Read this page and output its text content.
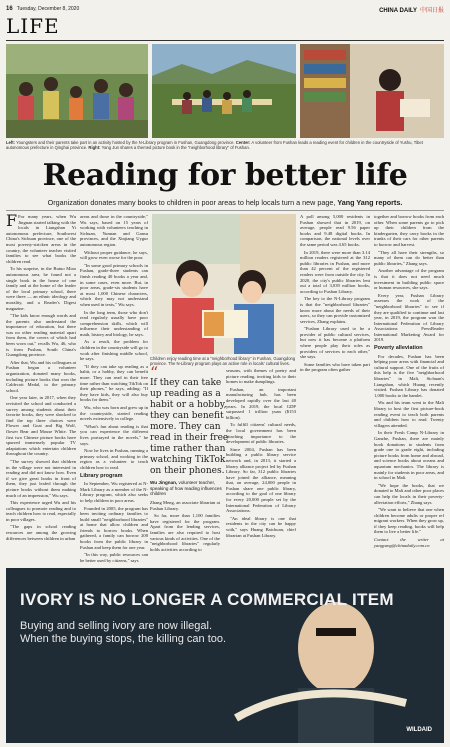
16 Tuesday, December 8, 2020	CHINA DAILY 中国日报
LIFE
Left: Youngsters and their parents take part in an activity hosted by the N-Library program in Fushan, Guangdong province. Center: A volunteer from Fushan leads a reading event for children in the countryside of Yushu, Tibet autonomous prefecture in Qinghai province. Right: Yang Jun shares a themed picture book in the "neighborhood library" of Fushan.
Reading for better life
Organization donates many books to children in poor areas to help locals turn a new page, Yang Yang reports.

F For many years, when Wu Jingnan started talking with the locals in Liangshan Yi autonomous prefecture, Southwest China's Sichuan province, one of the most poverty-stricken areas in the country, the volunteer teacher visited families to see what books the children read.

To his surprise, in the Butuo Miao autonomous area, he found not a single book in the house of one family and at the home of the leader of the local primary school, there were three — an ethnic ideology and morality, and a Reader's Digest magazine.

"The kids know enough words and the parents also understand the importance of education, but there was no other reading material apart from them, the covers of which had been worn out," recalls Wu, 46, who is from Fushan, South China's Guangdong province.

After that, Wu and his colleagues at Fushan began a volunteer organization, donated many books, including picture books that won the Caldecott Medal, to the primary school.

One year later, in 2017, when they revisited the school and conducted a survey among students about their favorite books, they were shocked to find the top three choices were Flower and Goat and Big Wolf, flower Bear and Mouse White. The first two Chinese picture books have spurred immensely popular TV adaptations which entertain children throughout the country.

"The survey showed that children in the village were not interested in reading and did not know how. Even if we give great books in front of them, they just leafed through the picture books without them making much of an impression," Wu says.

This experience urged Wu and his colleagues to promote reading and to teach children how to read, especially in poor villages.

"The gaps in school reading resources are among the growing differences between children in urban

areas and those in the countryside," Wu says, based on 15 years of working with volunteers teaching in Sichuan, Yunnan and Gansu provinces, and the Xinjiang Uygur autonomous region.

Without proper guidance, he says, will grow even worse for the poor.

"In some good primary schools in Fushan, grade-three students can finish reading 40 books a year and, in some cases, even more. But, in poor areas, grade-six students have at most 1,000 Chinese characters, which they may not understand when used in texts," Wu says.

In the long term, those who don't read regularly usually have poor comprehension skills, which will influence their understanding of math, history and biology, he says.

As a result, the problem for children in the countryside will go to work after finishing middle school, he says.

"If they can take up reading as a habit, or a hobby, they can benefit more. They can read in their free time rather than watching TikTok on their phones," he says, adding: "If they have kids, they will also buy books for them."

Wu, who was born and grew up in the countryside, started reading novels extensively in college.

"What's fun about reading is that you can experience the different lives portrayed in the novels," he says.

Now he lives in Fushan, running a primary school, and working in the region as a volunteer to teach children how to read.

Library program

In September, Wu registered at N-Mark Library as a member of the N-Library program, which also seeks to help children in poor areas.

Founded in 2005, the program has been inviting ordinary families to build small "neighborhood libraries" at home that allow children and friends to borrow books. When gathered, a family can borrow 200 books from the public library in Fushan and keep them for one year.

"In this way, public resources can be better used by citizens," says

Children enjoy reading time at a "neighborhood library" in Fushan, Guangdong province. The N-Library program plays an active role in locals' cultural lives.
“
If they can take up reading as a habit or a hobby, they can benefit more. They can read in their free time rather than watching TikTok on their phones.
Wu Jingnan, volunteer teacher, speaking of how reading influences children

Zhang Meng, an associate librarian at Fushan Library.

So far, more than 1,100 families have registered for the program. Apart from the lending services, families are also required to host various kinds of activities. One of the "neighborhood libraries" regularly holds activities according to

seasons, with themes of poetry and picture reading, inviting kids to their homes to make dumplings.

Fushan, an important manufacturing hub, has been developed rapidly over the last 40 years. In 2019, the local GDP surpassed 1 trillion yuan ($153 billion).

To fulfill citizens' cultural needs, the local government has been attaching importance to the development of public libraries.

Since 2004, Fushan has been building a public library service network and, in 2013, it started a library alliance project led by Fushan Library. So far, 312 public libraries have joined the alliance, meaning that, on average, 24,000 people in Fushan share one public library, according to the goal of one library for every 20,000 people set by the International Federation of Library Associations.

"An ideal library is one that residents in the city can be happy with," says Huang Baichuan, chief librarian at Fushan Library.

A poll among 5,000 residents in Fushan showed that in 2019, on average, people read 9.56 paper books and 9.48 digital books. In comparison, the national levels over the same period was 4.65 books.

In 2019, there were more than 3.14 million readers registered at the 312 public libraries in Fushan, and more than 42 percent of the registered readers were from outside the city. In 2020, the city's public libraries lent out a total of 3,039 million books, according to Fushan Library.

The key to the N-Library program is that the "neighborhood libraries" know more about the needs of their users, so they can provide customized services, Zhang explains.

"Fushan Library used to be a provider of public cultural services, but now it has become a platform where people play their roles as providers of services to each other," she says.

Some families who have taken part in the program often gather

together and borrow books from each other. When some parents go to pick up their children from the kindergarten, they carry books in the trunks of their cars for other parents to borrow and harvest.

"They all have their strengths, so many of them can do better than public libraries," Zhang says.

Another advantage of the program is that it does not need much investment in building public space or human resources, she says.

Every year, Fushan Library assesses the work of the "neighborhood libraries" to see if they are qualified to continue and last year, in 2019, the program won the International Federation of Library Associations PressReader International Marketing Award for 2019.

Poverty alleviation

For decades, Fushan has been helping poor areas with financial and cultural support. One of the fruits of this help is the five "neighborhood libraries" in Mali, Sichuan's Liangshan, which Huang recently visited. Fushan Library has donated 1,000 books to the hamlet.

Wu and his team went to the Mali library to host the first picture-book reading event to teach both parents and children how to read. Twenty villagers attended.

In their Fresh Camp N-Library in Ganzhe, Fushan, there are mainly book donations to students from grade one to grade eight, including picture books from home and abroad, and science books about oceans and aquarium mechanics. The library is mainly for students in poor areas, and in school in Mali.

"We hope the books, that we donated to Mali and other poor places can help the locals in their poverty-alleviation efforts," Zhang says.

"We want to believe that one when children become adults or proper ref migrant workers. When they grow up, if they keep reading, books will help them to live a better life."

Contact the writer at yangyang@chinadaily.com.cn

IVORY IS NO LONGER A COMMERCIAL ITEM
Buying and selling ivory are now illegal.
When the buying stops, the killing can too.
WILDAID
